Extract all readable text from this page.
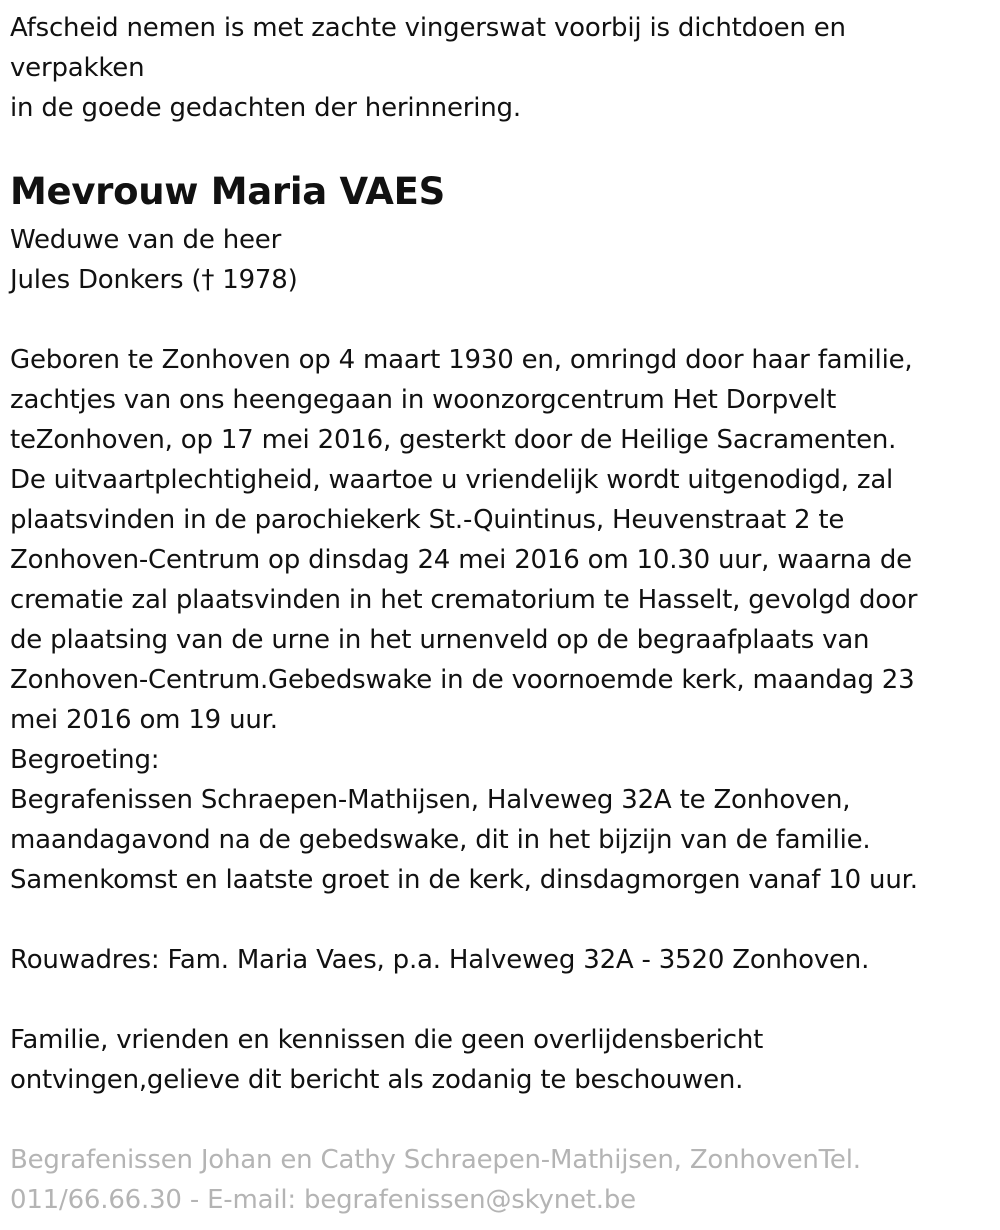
Afscheid nemen is met zachte vingerswat voorbij is dichtdoen en
verpakken
in de goede gedachten der herinnering.
Mevrouw Maria VAES
Weduwe van de heer
Jules Donkers († 1978)
Geboren te Zonhoven op 4 maart 1930 en, omringd door haar familie,
zachtjes van ons heengegaan in woonzorgcentrum Het Dorpvelt
teZonhoven, op 17 mei 2016, gesterkt door de Heilige Sacramenten.
De uitvaartplechtigheid, waartoe u vriendelijk wordt uitgenodigd, zal
plaatsvinden in de parochiekerk St.-Quintinus, Heuvenstraat 2 te
Zonhoven-Centrum op dinsdag 24 mei 2016 om 10.30 uur, waarna de
crematie zal plaatsvinden in het crematorium te Hasselt, gevolgd door
de plaatsing van de urne in het urnenveld op de begraafplaats van
Zonhoven-Centrum.Gebedswake in de voornoemde kerk, maandag 23
mei 2016 om 19 uur.
Begroeting:
Begrafenissen Schraepen-Mathijsen, Halveweg 32A te Zonhoven,
maandagavond na de gebedswake, dit in het bijzijn van de familie.
Samenkomst en laatste groet in de kerk, dinsdagmorgen vanaf 10 uur.
Rouwadres: Fam. Maria Vaes, p.a. Halveweg 32A - 3520 Zonhoven.
Familie, vrienden en kennissen die geen overlijdensbericht
ontvingen,gelieve dit bericht als zodanig te beschouwen.
Begrafenissen Johan en Cathy Schraepen-Mathijsen, ZonhovenTel.
011/66.66.30 - E-mail: begrafenissen@skynet.be
